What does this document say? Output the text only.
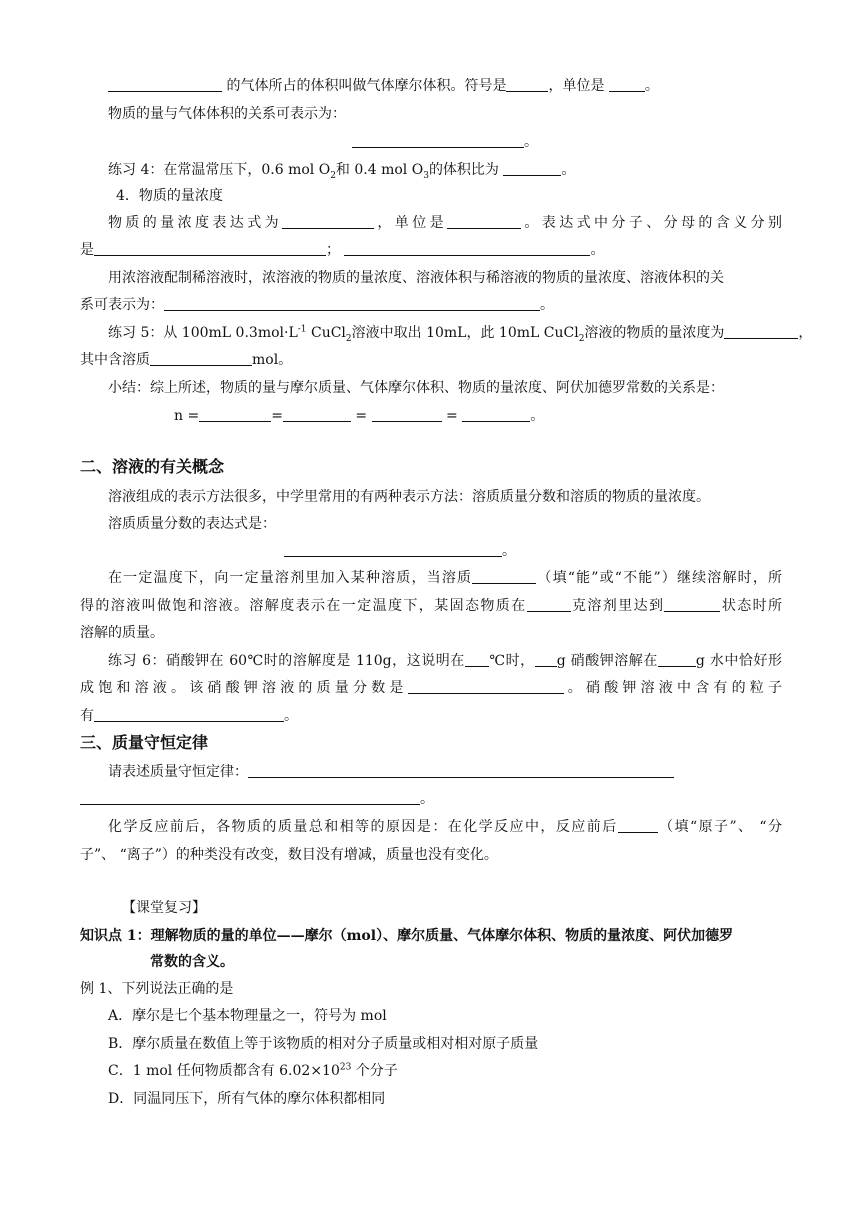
的气体所占的体积叫做气体摩尔体积。符号是	，单位是	。
物质的量与气体体积的关系可表示为：
。
练习 4：在常温常压下，0.6 mol $O_2$和 0.4 mol $O_3$的体积比为	。
4．物质的量浓度
物质的量浓度表达式为	，单位是	。表达式中分子、分母的含义分别
是	；	。
用浓溶液配制稀溶液时，浓溶液的物质的量浓度、溶液体积与稀溶液的物质的量浓度、溶液体积的关
系可表示为：	。
练习 5：从 100mL $0.3mol\cdot L^{-1}$ CuCl$_2$溶液中取出 10mL，此 10mL CuCl$_2$溶液的物质的量浓度为	，
其中含溶质	mol。
小结：综上所述，物质的量与摩尔质量、气体摩尔体积、物质的量浓度、阿伏加德罗常数的关系是：
n =	=	=	=	。
二、溶液的有关概念
溶液组成的表示方法很多，中学里常用的有两种表示方法：溶质质量分数和溶质的物质的量浓度。
溶质质量分数的表达式是：
。
在一定温度下，向一定量溶剂里加入某种溶质，当溶质	（填“能”或“不能”）继续溶解时，所
得的溶液叫做饱和溶液。溶解度表示在一定温度下，某固态物质在	克溶剂里达到	状态时所
溶解的质量。
练习 6：硝酸钾在 60℃时的溶解度是 110g，这说明在 ℃时， g 硝酸钾溶解在	g 水中恰好形
成饱和溶液。该硝酸钾溶液的质量分数是	。硝酸钾溶液中含有的粒子
有	。
三、质量守恒定律
请表述质量守恒定律：
。
化学反应前后，各物质的质量总和相等的原因是：在化学反应中，反应前后	（填“原子”、 “分
子”、 “离子”）的种类没有改变，数目没有增减，质量也没有变化。
【课堂复习】
知识点 1：理解物质的量的单位——摩尔（mol）、摩尔质量、气体摩尔体积、物质的量浓度、阿伏加德罗
常数的含义。
例 1、下列说法正确的是
A．摩尔是七个基本物理量之一，符号为 mol
B．摩尔质量在数值上等于该物质的相对分子质量或相对相对原子质量
C．1 mol 任何物质都含有 $6.02\times 10^{23}$ 个分子
D．同温同压下，所有气体的摩尔体积都相同
